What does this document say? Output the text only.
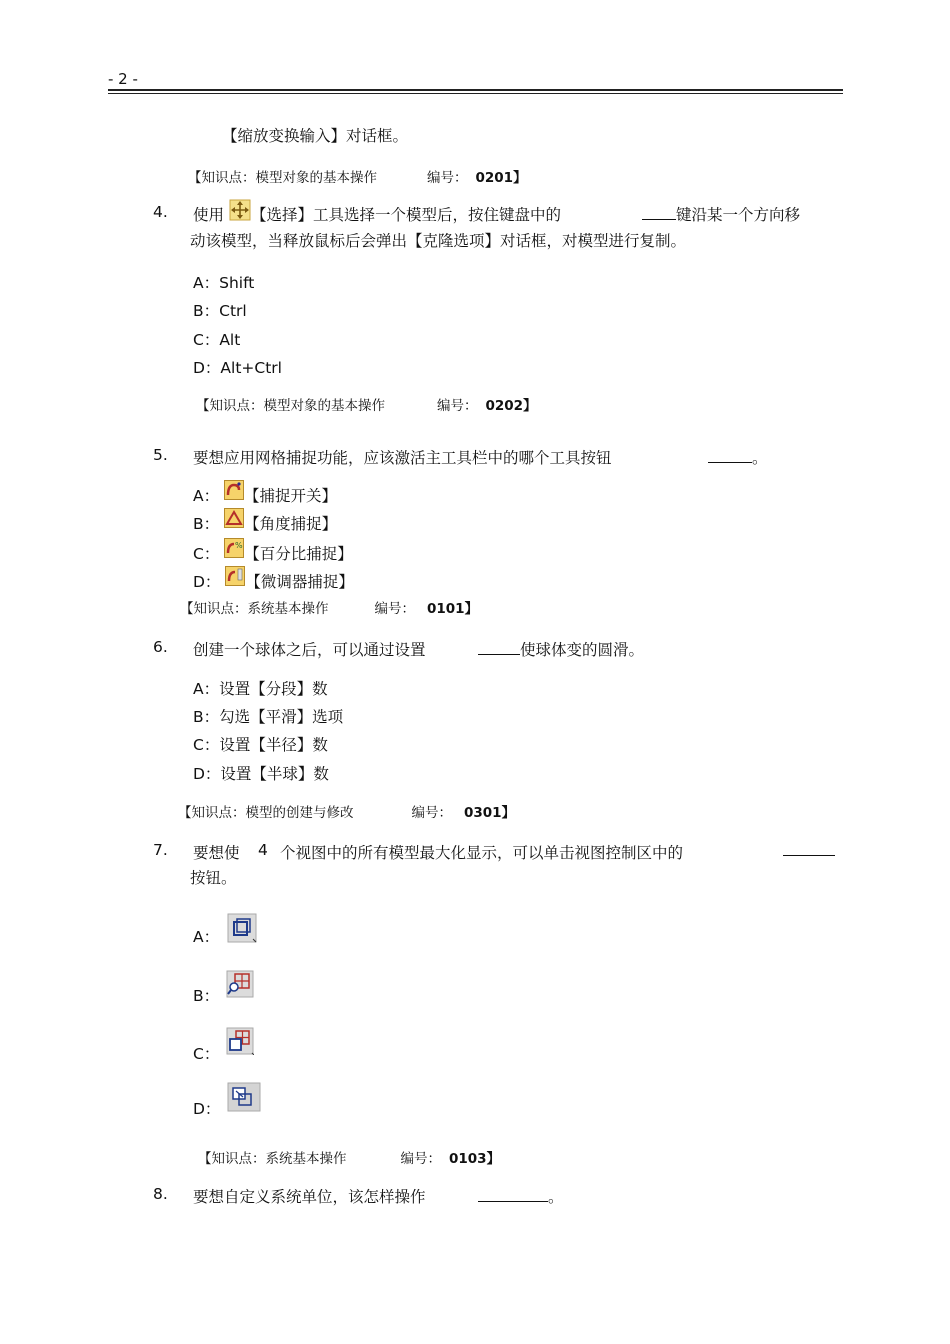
- 2 -
【缩放变换输入】对话框。
【知识点：模型对象的基本操作	编号： 0201】
4. 使用 【选择】工具选择一个模型后，按住键盘中的	键沿某一个方向移
动该模型，当释放鼠标后会弹出【克隆选项】对话框，对模型进行复制。
A：Shift
B：Ctrl
C：Alt
D：Alt+Ctrl
【知识点：模型对象的基本操作	编号： 0202】
5. 要想应用网格捕捉功能，应该激活主工具栏中的哪个工具按钮	。
A： 【捕捉开关】
B： 【角度捕捉】
C： % 【百分比捕捉】
D： 【微调器捕捉】
【知识点：系统基本操作	编号： 0101】
6. 创建一个球体之后，可以通过设置	使球体变的圆滑。
A：设置【分段】数
B：勾选【平滑】选项
C：设置【半径】数
D：设置【半球】数
【知识点：模型的创建与修改	编号： 0301】
7. 要想使 4 个视图中的所有模型最大化显示，可以单击视图控制区中的
按钮。
A：
B：
C：
D：
【知识点：系统基本操作	编号： 0103】
8. 要想自定义系统单位，该怎样操作	。
